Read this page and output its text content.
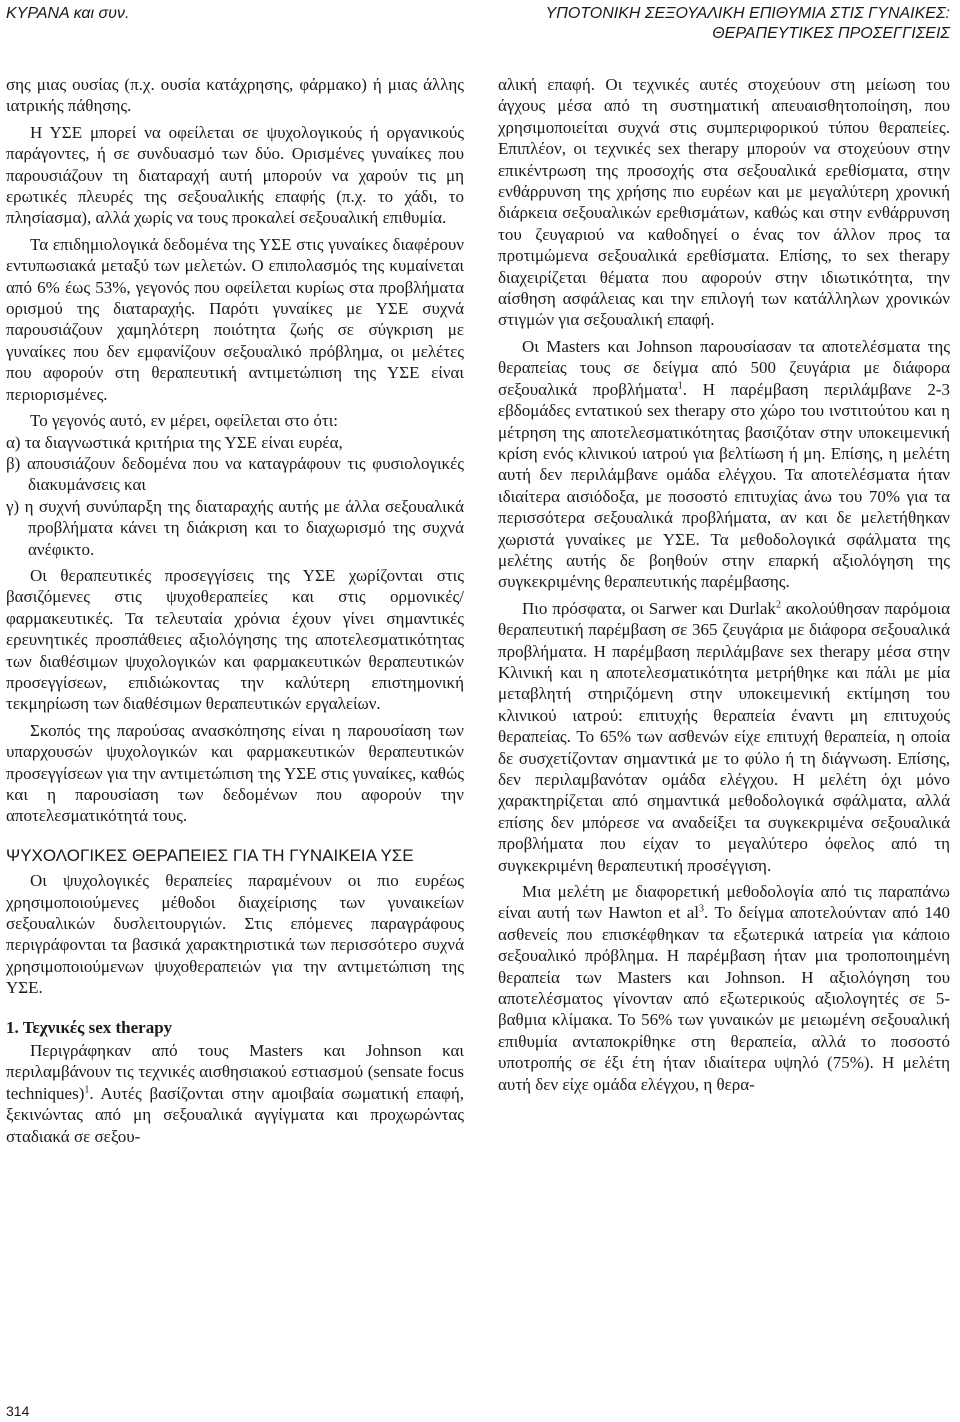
ΚΥΡΑΝΑ και συν.	ΥΠΟΤΟΝΙΚΗ ΣΕΞΟΥΑΛΙΚΗ ΕΠΙΘΥΜΙΑ ΣΤΙΣ ΓΥΝΑΙΚΕΣ:
ΘΕΡΑΠΕΥΤΙΚΕΣ ΠΡΟΣΕΓΓΙΣΕΙΣ

σης μιας ουσίας (π.χ. ουσία κατάχρησης, φάρμακο) ή μιας άλλης ιατρικής πάθησης.

Η ΥΣΕ μπορεί να οφείλεται σε ψυχολογικούς ή οργανικούς παράγοντες, ή σε συνδυασμό των δύο. Ορισμένες γυναίκες που παρουσιάζουν τη διαταραχή αυτή μπορούν να χαρούν τις μη ερωτικές πλευρές της σεξουαλικής επαφής (π.χ. το χάδι, το πλησίασμα), αλλά χωρίς να τους προκαλεί σεξουαλική επιθυμία.

Τα επιδημιολογικά δεδομένα της ΥΣΕ στις γυναίκες διαφέρουν εντυπωσιακά μεταξύ των μελετών. Ο επιπολασμός της κυμαίνεται από 6% έως 53%, γεγονός που οφείλεται κυρίως στα προβλήματα ορισμού της διαταραχής. Παρότι γυναίκες με ΥΣΕ συχνά παρουσιάζουν χαμηλότερη ποιότητα ζωής σε σύγκριση με γυναίκες που δεν εμφανίζουν σεξουαλικό πρόβλημα, οι μελέτες που αφορούν στη θεραπευτική αντιμετώπιση της ΥΣΕ είναι περιορισμένες.

Το γεγονός αυτό, εν μέρει, οφείλεται στο ότι:

α) τα διαγνωστικά κριτήρια της ΥΣΕ είναι ευρέα,
β) απουσιάζουν δεδομένα που να καταγράφουν τις φυσιολογικές διακυμάνσεις και
γ) η συχνή συνύπαρξη της διαταραχής αυτής με άλλα σεξουαλικά προβλήματα κάνει τη διάκριση και το διαχωρισμό της συχνά ανέφικτο.

Οι θεραπευτικές προσεγγίσεις της ΥΣΕ χωρίζονται στις βασιζόμενες στις ψυχοθεραπείες και στις ορμονικές/φαρμακευτικές. Τα τελευταία χρόνια έχουν γίνει σημαντικές ερευνητικές προσπάθειες αξιολόγησης της αποτελεσματικότητας των διαθέσιμων ψυχολογικών και φαρμακευτικών θεραπευτικών προσεγγίσεων, επιδιώκοντας την καλύτερη επιστημονική τεκμηρίωση των διαθέσιμων θεραπευτικών εργαλείων.

Σκοπός της παρούσας ανασκόπησης είναι η παρουσίαση των υπαρχουσών ψυχολογικών και φαρμακευτικών θεραπευτικών προσεγγίσεων για την αντιμετώπιση της ΥΣΕ στις γυναίκες, καθώς και η παρουσίαση των δεδομένων που αφορούν την αποτελεσματικότητά τους.

ΨΥΧΟΛΟΓΙΚΕΣ ΘΕΡΑΠΕΙΕΣ ΓΙΑ ΤΗ ΓΥΝΑΙΚΕΙΑ ΥΣΕ

Οι ψυχολογικές θεραπείες παραμένουν οι πιο ευρέως χρησιμοποιούμενες μέθοδοι διαχείρισης των γυναικείων σεξουαλικών δυσλειτουργιών. Στις επόμενες παραγράφους περιγράφονται τα βασικά χαρακτηριστικά των περισσότερο συχνά χρησιμοποιούμενων ψυχοθεραπειών για την αντιμετώπιση της ΥΣΕ.

1. Τεχνικές sex therapy

Περιγράφηκαν από τους Masters και Johnson και περιλαμβάνουν τις τεχνικές αισθησιακού εστιασμού (sensate focus techniques)$^1$. Αυτές βασίζονται στην αμοιβαία σωματική επαφή, ξεκινώντας από μη σεξουαλικά αγγίγματα και προχωρώντας σταδιακά σε σεξου-

αλική επαφή. Οι τεχνικές αυτές στοχεύουν στη μείωση του άγχους μέσα από τη συστηματική απευαισθητοποίηση, που χρησιμοποιείται συχνά στις συμπεριφορικού τύπου θεραπείες. Επιπλέον, οι τεχνικές sex therapy μπορούν να στοχεύουν στην επικέντρωση της προσοχής στα σεξουαλικά ερεθίσματα, στην ενθάρρυνση της χρήσης πιο ευρέων και με μεγαλύτερη χρονική διάρκεια σεξουαλικών ερεθισμάτων, καθώς και στην ενθάρρυνση του ζευγαριού να καθοδηγεί ο ένας τον άλλον προς τα προτιμώμενα σεξουαλικά ερεθίσματα. Επίσης, το sex therapy διαχειρίζεται θέματα που αφορούν στην ιδιωτικότητα, την αίσθηση ασφάλειας και την επιλογή των κατάλληλων χρονικών στιγμών για σεξουαλική επαφή.

Οι Masters και Johnson παρουσίασαν τα αποτελέσματα της θεραπείας τους σε δείγμα από 500 ζευγάρια με διάφορα σεξουαλικά προβλήματα$^1$. Η παρέμβαση περιλάμβανε 2-3 εβδομάδες εντατικού sex therapy στο χώρο του ινστιτούτου και η μέτρηση της αποτελεσματικότητας βασιζόταν στην υποκειμενική κρίση ενός κλινικού ιατρού για βελτίωση ή μη. Επίσης, η μελέτη αυτή δεν περιλάμβανε ομάδα ελέγχου. Τα αποτελέσματα ήταν ιδιαίτερα αισιόδοξα, με ποσοστό επιτυχίας άνω του 70% για τα περισσότερα σεξουαλικά προβλήματα, αν και δε μελετήθηκαν χωριστά γυναίκες με ΥΣΕ. Τα μεθοδολογικά σφάλματα της μελέτης αυτής δε βοηθούν στην επαρκή αξιολόγηση της συγκεκριμένης θεραπευτικής παρέμβασης.

Πιο πρόσφατα, οι Sarwer και Durlak$^2$ ακολούθησαν παρόμοια θεραπευτική παρέμβαση σε 365 ζευγάρια με διάφορα σεξουαλικά προβλήματα. Η παρέμβαση περιλάμβανε sex therapy μέσα στην Κλινική και η αποτελεσματικότητα μετρήθηκε και πάλι με μία μεταβλητή στηριζόμενη στην υποκειμενική εκτίμηση του κλινικού ιατρού: επιτυχής θεραπεία έναντι μη επιτυχούς θεραπείας. Το 65% των ασθενών είχε επιτυχή θεραπεία, η οποία δε συσχετίζονταν σημαντικά με το φύλο ή τη διάγνωση. Επίσης, δεν περιλαμβανόταν ομάδα ελέγχου. Η μελέτη όχι μόνο χαρακτηρίζεται από σημαντικά μεθοδολογικά σφάλματα, αλλά επίσης δεν μπόρεσε να αναδείξει τα συγκεκριμένα σεξουαλικά προβλήματα που είχαν το μεγαλύτερο όφελος από τη συγκεκριμένη θεραπευτική προσέγγιση.

Μια μελέτη με διαφορετική μεθοδολογία από τις παραπάνω είναι αυτή των Hawton et $al^3$. Το δείγμα αποτελούνταν από 140 ασθενείς που επισκέφθηκαν τα εξωτερικά ιατρεία για κάποιο σεξουαλικό πρόβλημα. Η παρέμβαση ήταν μια τροποποιημένη θεραπεία των Masters και Johnson. Η αξιολόγηση του αποτελέσματος γίνονταν από εξωτερικούς αξιολογητές σε 5-βαθμια κλίμακα. Το 56% των γυναικών με μειωμένη σεξουαλική επιθυμία ανταποκρίθηκε στη θεραπεία, αλλά το ποσοστό υποτροπής σε έξι έτη ήταν ιδιαίτερα υψηλό (75%). Η μελέτη αυτή δεν είχε ομάδα ελέγχου, η θερα-

314
